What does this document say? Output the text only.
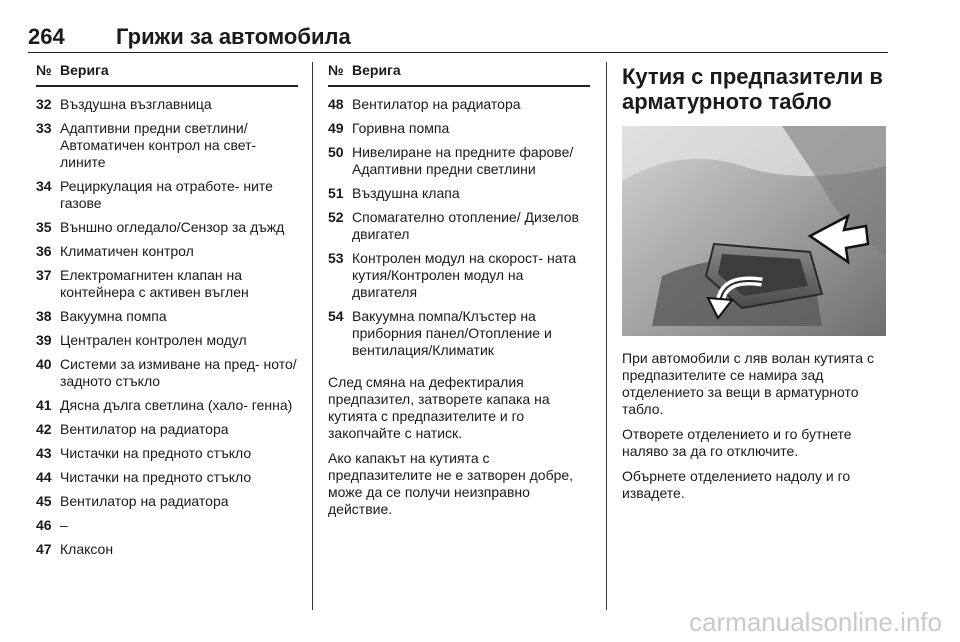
264 Грижи за автомобила
№ Верига
32 Въздушна възглавница
33 Адаптивни предни светлини/ Автоматичен контрол на свет- лините
34 Рециркулация на отработе- ните газове
35 Външно огледало/Сензор за дъжд
36 Климатичен контрол
37 Електромагнитен клапан на контейнера с активен въглен
38 Вакуумна помпа
39 Централен контролен модул
40 Системи за измиване на пред- ното/задното стъкло
41 Дясна дълга светлина (хало- генна)
42 Вентилатор на радиатора
43 Чистачки на предното стъкло
44 Чистачки на предното стъкло
45 Вентилатор на радиатора
46 –
47 Клаксон
№ Верига
48 Вентилатор на радиатора
49 Горивна помпа
50 Нивелиране на предните фарове/Адаптивни предни светлини
51 Въздушна клапа
52 Спомагателно отопление/ Дизелов двигател
53 Контролен модул на скорост- ната кутия/Контролен модул на двигателя
54 Вакуумна помпа/Клъстер на приборния панел/Отопление и вентилация/Климатик

След смяна на дефектиралия предпазител, затворете капака на кутията с предпазителите и го закопчайте с натиск.

Ако капакът на кутията с предпазителите не е затворен добре, може да се получи неизправно действие.

Кутия с предпазители в арматурното табло

При автомобили с ляв волан кутията с предпазителите се намира зад отделението за вещи в арматурното табло.

Отворете отделението и го бутнете наляво за да го отключите.

Обърнете отделението надолу и го извадете.

carmanualsonline.info
